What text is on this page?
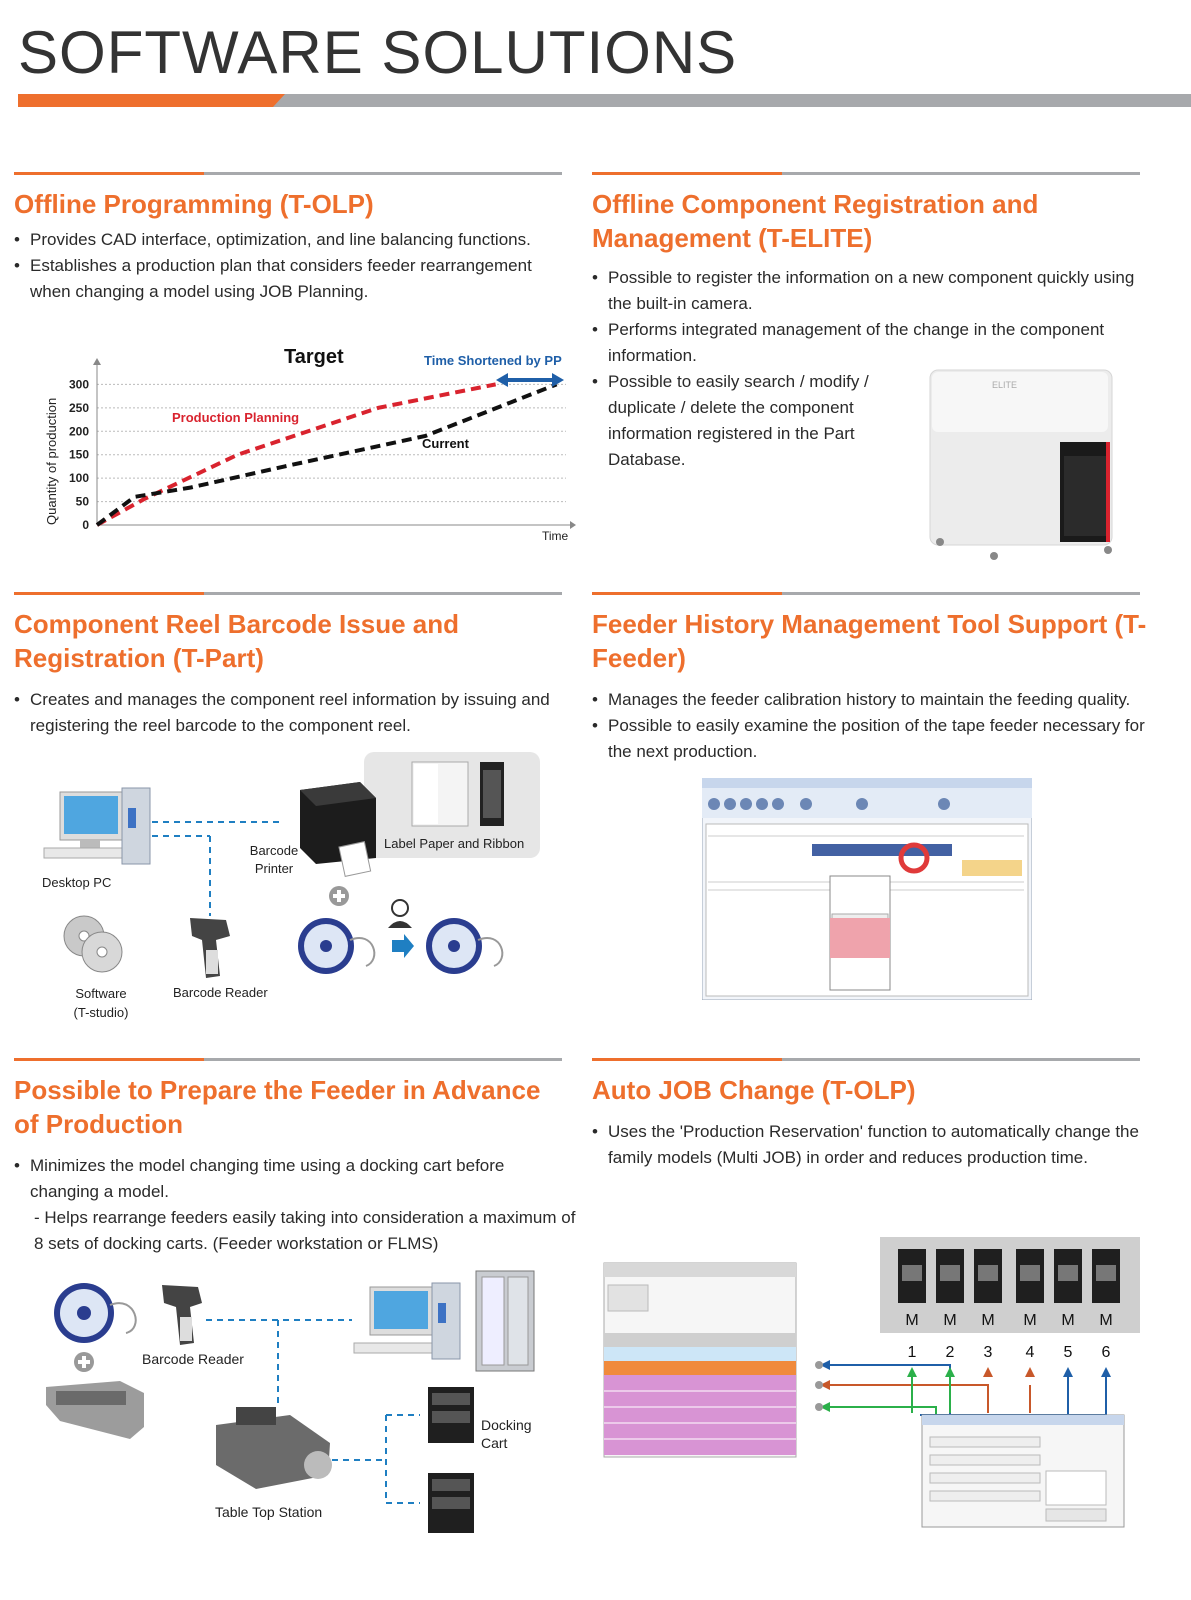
SOFTWARE SOLUTIONS
Offline Programming (T-OLP)
• Provides CAD interface, optimization, and line balancing functions.
• Establishes a production plan that considers feeder rearrangement when changing a model using JOB Planning.
Target	Time Shortened by PP
0
50
100
150
200
250
300
Quantity of production
Time
Production Planning
Current
Offline Component Registration and Management (T-ELITE)
• Possible to register the information on a new component quickly using the built-in camera.
• Performs integrated management of the change in the component information.
• Possible to easily search / modify / duplicate / delete the component information registered in the Part Database.
ELITE
Component Reel Barcode Issue and Registration (T-Part)
• Creates and manages the component reel information by issuing and registering the reel barcode to the component reel.
Desktop PC
Barcode Printer
Label Paper and Ribbon
Software (T-studio)
Barcode Reader
Feeder History Management Tool Support (T-Feeder)
• Manages the feeder calibration history to maintain the feeding quality.
• Possible to easily examine the position of the tape feeder necessary for the next production.
Possible to Prepare the Feeder in Advance of Production
• Minimizes the model changing time using a docking cart before changing a model.
- Helps rearrange feeders easily taking into consideration a maximum of 8 sets of docking carts. (Feeder workstation or FLMS)
Barcode Reader
Docking Cart
Table Top Station
Auto JOB Change (T-OLP)
• Uses the 'Production Reservation' function to automatically change the family models (Multi JOB) in order and reduces production time.
M
1
M
2
M
3
M
4
M
5
M
6
